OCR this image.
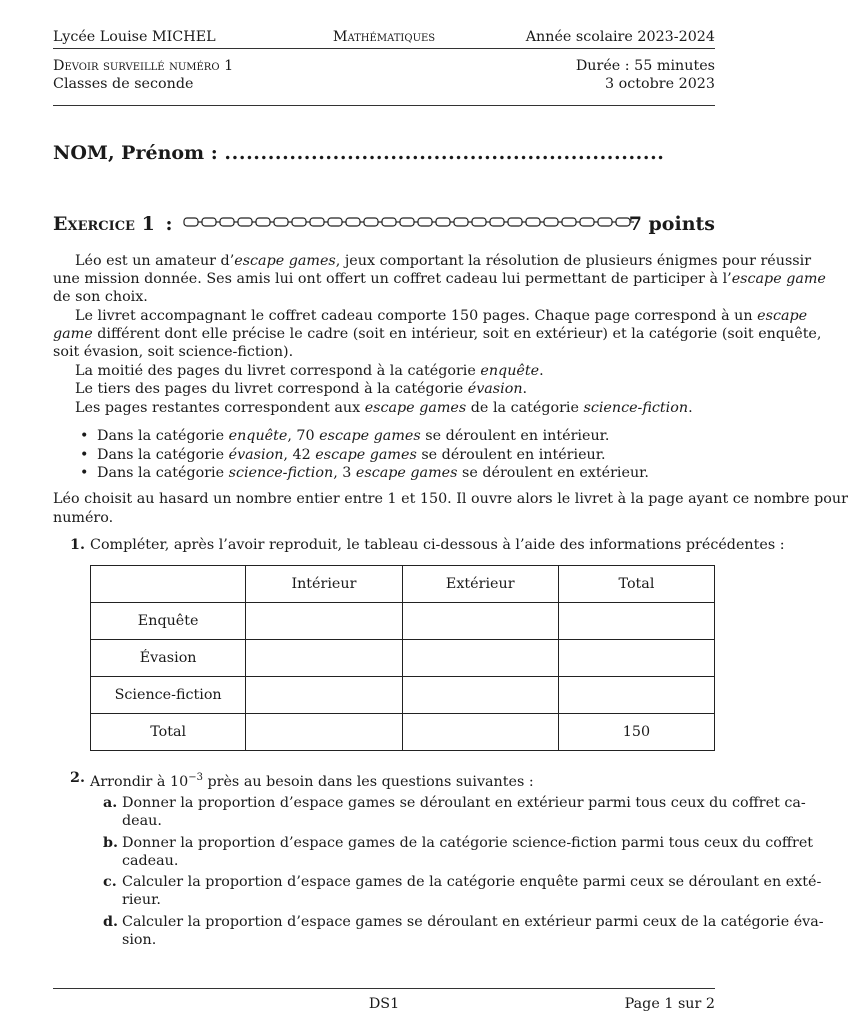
Lycée Louise MICHEL	Mathématiques	Année scolaire 2023-2024
Devoir surveillé numéro 1	Durée : 55 minutes
Classes de seconde	3 octobre 2023
NOM, Prénom : .............................................................
Exercice 1 :	7 points
Léo est un amateur d’escape games, jeux comportant la résolution de plusieurs énigmes pour réussir
une mission donnée. Ses amis lui ont offert un coffret cadeau lui permettant de participer à l’escape game
de son choix.
Le livret accompagnant le coffret cadeau comporte 150 pages. Chaque page correspond à un escape
game différent dont elle précise le cadre (soit en intérieur, soit en extérieur) et la catégorie (soit enquête,
soit évasion, soit science-fiction).
La moitié des pages du livret correspond à la catégorie enquête.
Le tiers des pages du livret correspond à la catégorie évasion.
Les pages restantes correspondent aux escape games de la catégorie science-fiction.
• Dans la catégorie enquête, 70 escape games se déroulent en intérieur.
• Dans la catégorie évasion, 42 escape games se déroulent en intérieur.
• Dans la catégorie science-fiction, 3 escape games se déroulent en extérieur.
Léo choisit au hasard un nombre entier entre 1 et 150. Il ouvre alors le livret à la page ayant ce nombre pour
numéro.
1. Compléter, après l’avoir reproduit, le tableau ci-dessous à l’aide des informations précédentes :
	Intérieur	Extérieur	Total
Enquête			
Évasion			
Science-fiction			
Total			150
2. Arrondir à $10^{-3}$ près au besoin dans les questions suivantes :
a. Donner la proportion d’espace games se déroulant en extérieur parmi tous ceux du coffret ca-
deau.
b. Donner la proportion d’espace games de la catégorie science-fiction parmi tous ceux du coffret
cadeau.
c. Calculer la proportion d’espace games de la catégorie enquête parmi ceux se déroulant en exté-
rieur.
d. Calculer la proportion d’espace games se déroulant en extérieur parmi ceux de la catégorie éva-
sion.
DS1	Page 1 sur 2
